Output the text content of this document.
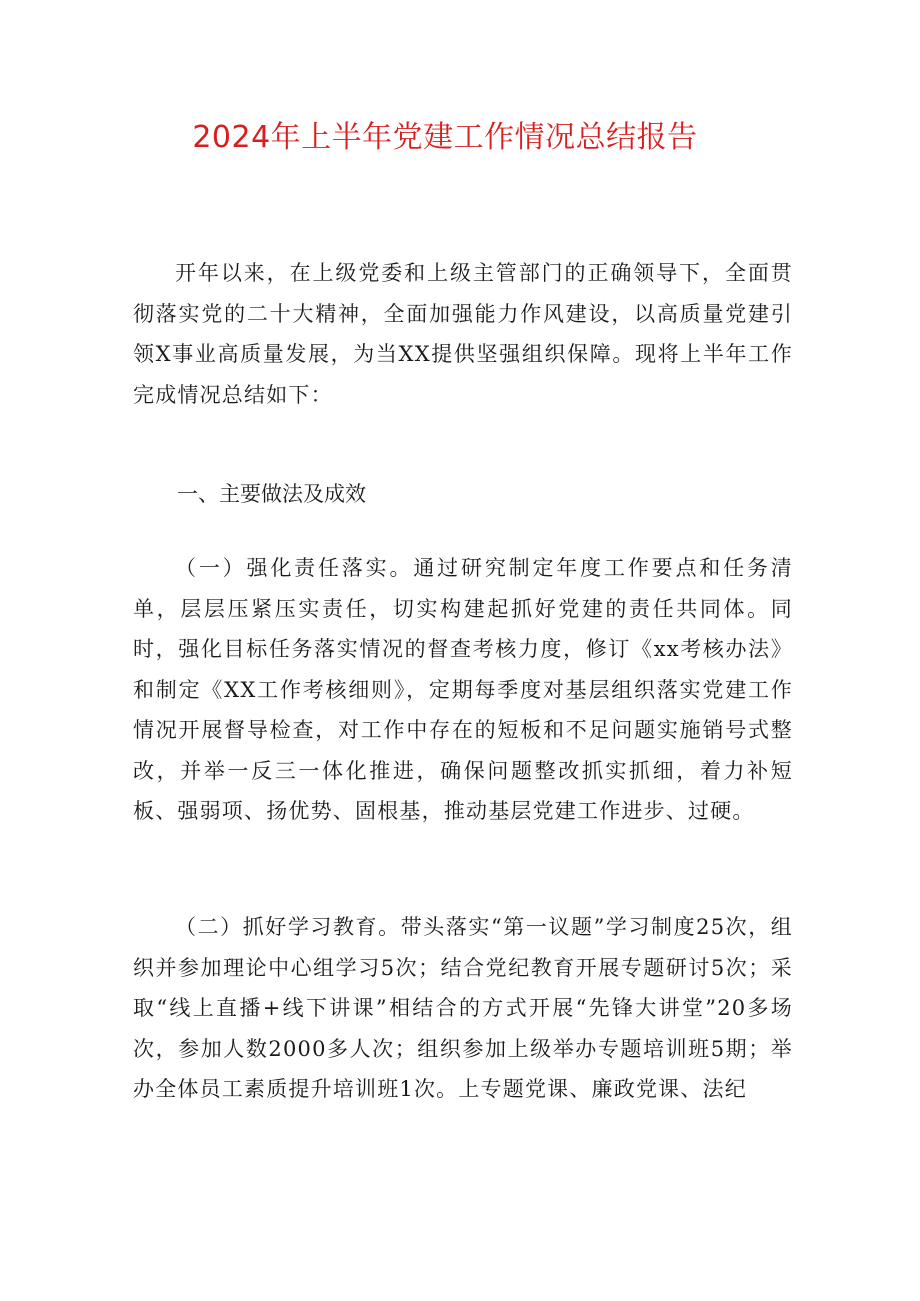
2024年上半年党建工作情况总结报告

开年以来，在上级党委和上级主管部门的正确领导下，全面贯彻落实党的二十大精神，全面加强能力作风建设，以高质量党建引领X事业高质量发展，为当XX提供坚强组织保障。现将上半年工作完成情况总结如下：

一、主要做法及成效

（一）强化责任落实。通过研究制定年度工作要点和任务清单，层层压紧压实责任，切实构建起抓好党建的责任共同体。同时，强化目标任务落实情况的督查考核力度，修订《xx考核办法》和制定《XX工作考核细则》，定期每季度对基层组织落实党建工作情况开展督导检查，对工作中存在的短板和不足问题实施销号式整改，并举一反三一体化推进，确保问题整改抓实抓细，着力补短板、强弱项、扬优势、固根基，推动基层党建工作进步、过硬。

（二）抓好学习教育。带头落实“第一议题”学习制度25次，组织并参加理论中心组学习5次；结合党纪教育开展专题研讨5次；采取“线上直播+线下讲课”相结合的方式开展“先锋大讲堂”20多场次，参加人数2000多人次；组织参加上级举办专题培训班5期；举办全体员工素质提升培训班1次。上专题党课、廉政党课、法纪
